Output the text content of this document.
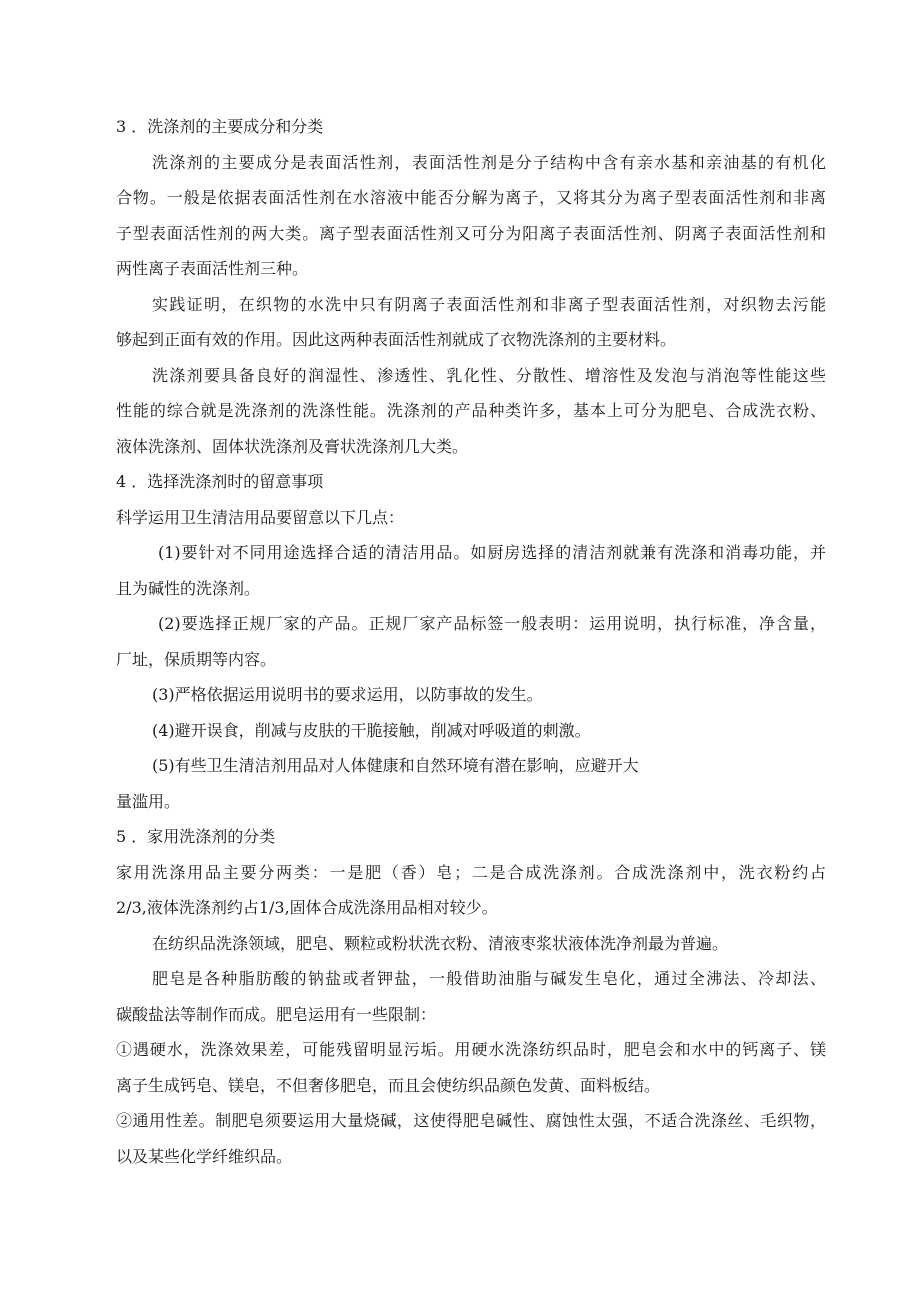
3 ．洗涤剂的主要成分和分类
洗涤剂的主要成分是表面活性剂，表面活性剂是分子结构中含有亲水基和亲油基的有机化
合物。一般是依据表面活性剂在水溶液中能否分解为离子，又将其分为离子型表面活性剂和非离
子型表面活性剂的两大类。离子型表面活性剂又可分为阳离子表面活性剂、阴离子表面活性剂和
两性离子表面活性剂三种。
实践证明，在织物的水洗中只有阴离子表面活性剂和非离子型表面活性剂，对织物去污能
够起到正面有效的作用。因此这两种表面活性剂就成了衣物洗涤剂的主要材料。
洗涤剂要具备良好的润湿性、渗透性、乳化性、分散性、增溶性及发泡与消泡等性能这些
性能的综合就是洗涤剂的洗涤性能。洗涤剂的产品种类许多，基本上可分为肥皂、合成洗衣粉、
液体洗涤剂、固体状洗涤剂及膏状洗涤剂几大类。
4 ．选择洗涤剂时的留意事项
科学运用卫生清洁用品要留意以下几点：
(1)要针对不同用途选择合适的清洁用品。如厨房选择的清洁剂就兼有洗涤和消毒功能，并
且为碱性的洗涤剂。
(2)要选择正规厂家的产品。正规厂家产品标签一般表明：运用说明，执行标准，净含量，
厂址，保质期等内容。
(3)严格依据运用说明书的要求运用，以防事故的发生。
(4)避开误食，削减与皮肤的干脆接触，削减对呼吸道的刺激。
(5)有些卫生清洁剂用品对人体健康和自然环境有潜在影响，应避开大
量滥用。
5 ．家用洗涤剂的分类
家用洗涤用品主要分两类：一是肥（香）皂；二是合成洗涤剂。合成洗涤剂中，洗衣粉约占
2/3,液体洗涤剂约占1/3,固体合成洗涤用品相对较少。
在纺织品洗涤领域，肥皂、颗粒或粉状洗衣粉、清液枣浆状液体洗净剂最为普遍。
肥皂是各种脂肪酸的钠盐或者钾盐，一般借助油脂与碱发生皂化，通过全沸法、冷却法、
碳酸盐法等制作而成。肥皂运用有一些限制：
①遇硬水，洗涤效果差，可能残留明显污垢。用硬水洗涤纺织品时，肥皂会和水中的钙离子、镁
离子生成钙皂、镁皂，不但奢侈肥皂，而且会使纺织品颜色发黄、面料板结。
②通用性差。制肥皂须要运用大量烧碱，这使得肥皂碱性、腐蚀性太强，不适合洗涤丝、毛织物，
以及某些化学纤维织品。
